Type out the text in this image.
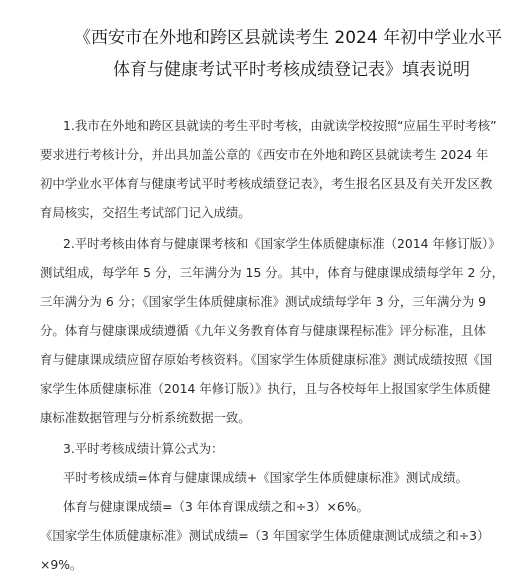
《西安市在外地和跨区县就读考生 2024 年初中学业水平
体育与健康考试平时考核成绩登记表》填表说明
1.我市在外地和跨区县就读的考生平时考核，由就读学校按照“应届生平时考核”
要求进行考核计分，并出具加盖公章的《西安市在外地和跨区县就读考生 2024 年
初中学业水平体育与健康考试平时考核成绩登记表》，考生报名区县及有关开发区教
育局核实，交招生考试部门记入成绩。
2.平时考核由体育与健康课考核和《国家学生体质健康标准（2014 年修订版）》
测试组成，每学年 5 分，三年满分为 15 分。其中，体育与健康课成绩每学年 2 分，
三年满分为 6 分；《国家学生体质健康标准》测试成绩每学年 3 分，三年满分为 9
分。体育与健康课成绩遵循《九年义务教育体育与健康课程标准》评分标准，且体
育与健康课成绩应留存原始考核资料。《国家学生体质健康标准》测试成绩按照《国
家学生体质健康标准（2014 年修订版）》执行，且与各校每年上报国家学生体质健
康标准数据管理与分析系统数据一致。
3.平时考核成绩计算公式为：
平时考核成绩=体育与健康课成绩+《国家学生体质健康标准》测试成绩。
体育与健康课成绩=（3 年体育课成绩之和÷3）×6%。
《国家学生体质健康标准》测试成绩=（3 年国家学生体质健康测试成绩之和÷3）
×9%。
